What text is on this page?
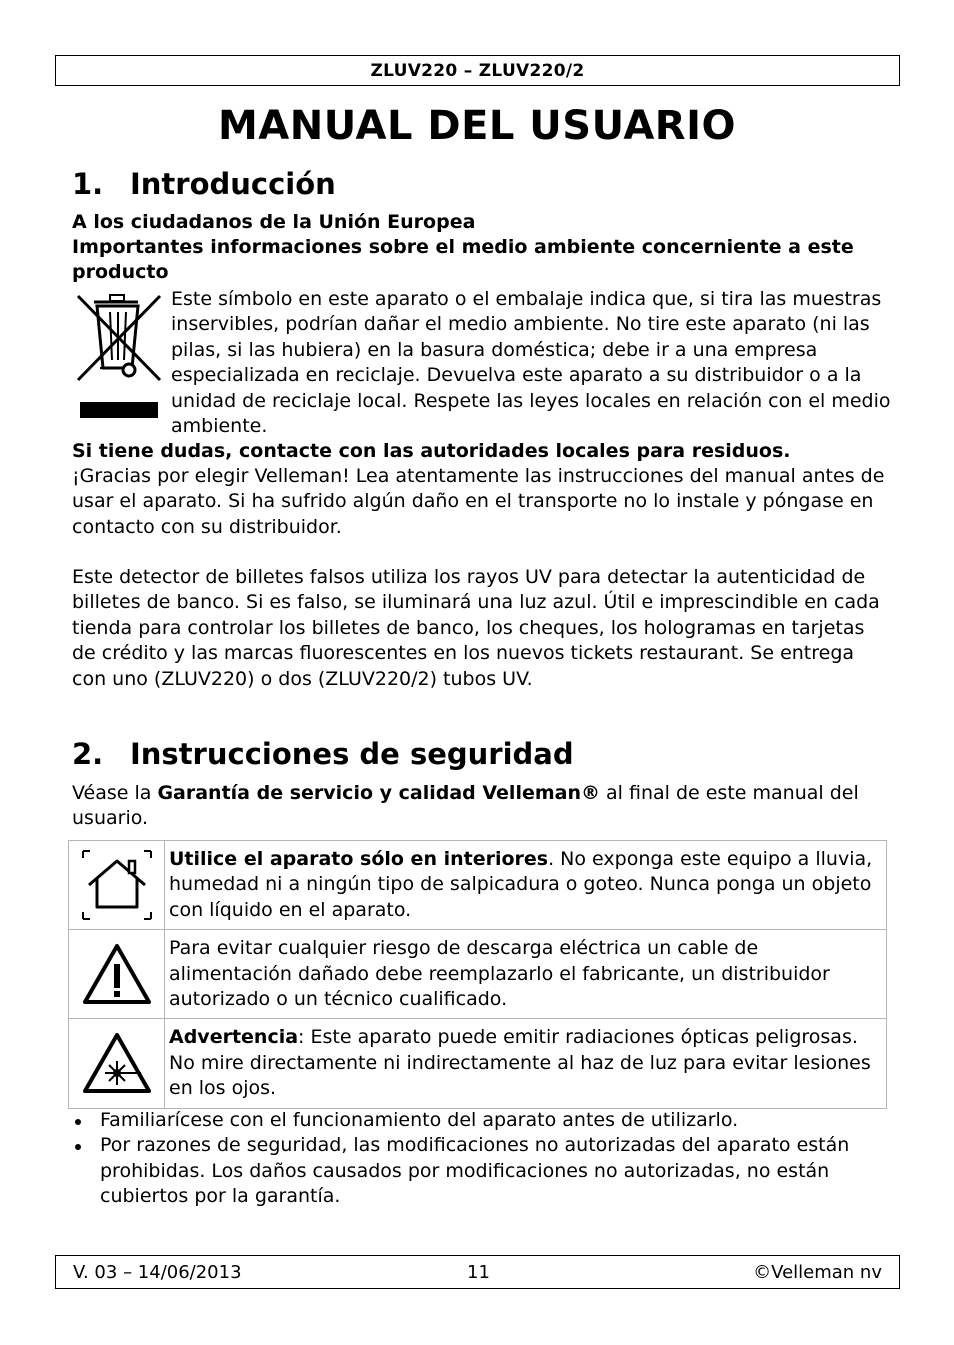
ZLUV220 – ZLUV220/2
MANUAL DEL USUARIO
1. Introducción
A los ciudadanos de la Unión Europea
Importantes informaciones sobre el medio ambiente concerniente a este producto
Este símbolo en este aparato o el embalaje indica que, si tira las muestras inservibles, podrían dañar el medio ambiente. No tire este aparato (ni las pilas, si las hubiera) en la basura doméstica; debe ir a una empresa especializada en reciclaje. Devuelva este aparato a su distribuidor o a la unidad de reciclaje local. Respete las leyes locales en relación con el medio ambiente.
Si tiene dudas, contacte con las autoridades locales para residuos.
¡Gracias por elegir Velleman! Lea atentamente las instrucciones del manual antes de usar el aparato. Si ha sufrido algún daño en el transporte no lo instale y póngase en contacto con su distribuidor.
Este detector de billetes falsos utiliza los rayos UV para detectar la autenticidad de billetes de banco. Si es falso, se iluminará una luz azul. Útil e imprescindible en cada tienda para controlar los billetes de banco, los cheques, los hologramas en tarjetas de crédito y las marcas fluorescentes en los nuevos tickets restaurant. Se entrega con uno (ZLUV220) o dos (ZLUV220/2) tubos UV.
2. Instrucciones de seguridad
Véase la Garantía de servicio y calidad Velleman® al final de este manual del usuario.
	Utilice el aparato sólo en interiores. No exponga este equipo a lluvia, humedad ni a ningún tipo de salpicadura o goteo. Nunca ponga un objeto con líquido en el aparato.

	Para evitar cualquier riesgo de descarga eléctrica un cable de alimentación dañado debe reemplazarlo el fabricante, un distribuidor autorizado o un técnico cualificado.

	Advertencia: Este aparato puede emitir radiaciones ópticas peligrosas. No mire directamente ni indirectamente al haz de luz para evitar lesiones en los ojos.
Familiarícese con el funcionamiento del aparato antes de utilizarlo.
Por razones de seguridad, las modificaciones no autorizadas del aparato están prohibidas. Los daños causados por modificaciones no autorizadas, no están cubiertos por la garantía.
V. 03 – 14/06/2013	11	©Velleman nv
